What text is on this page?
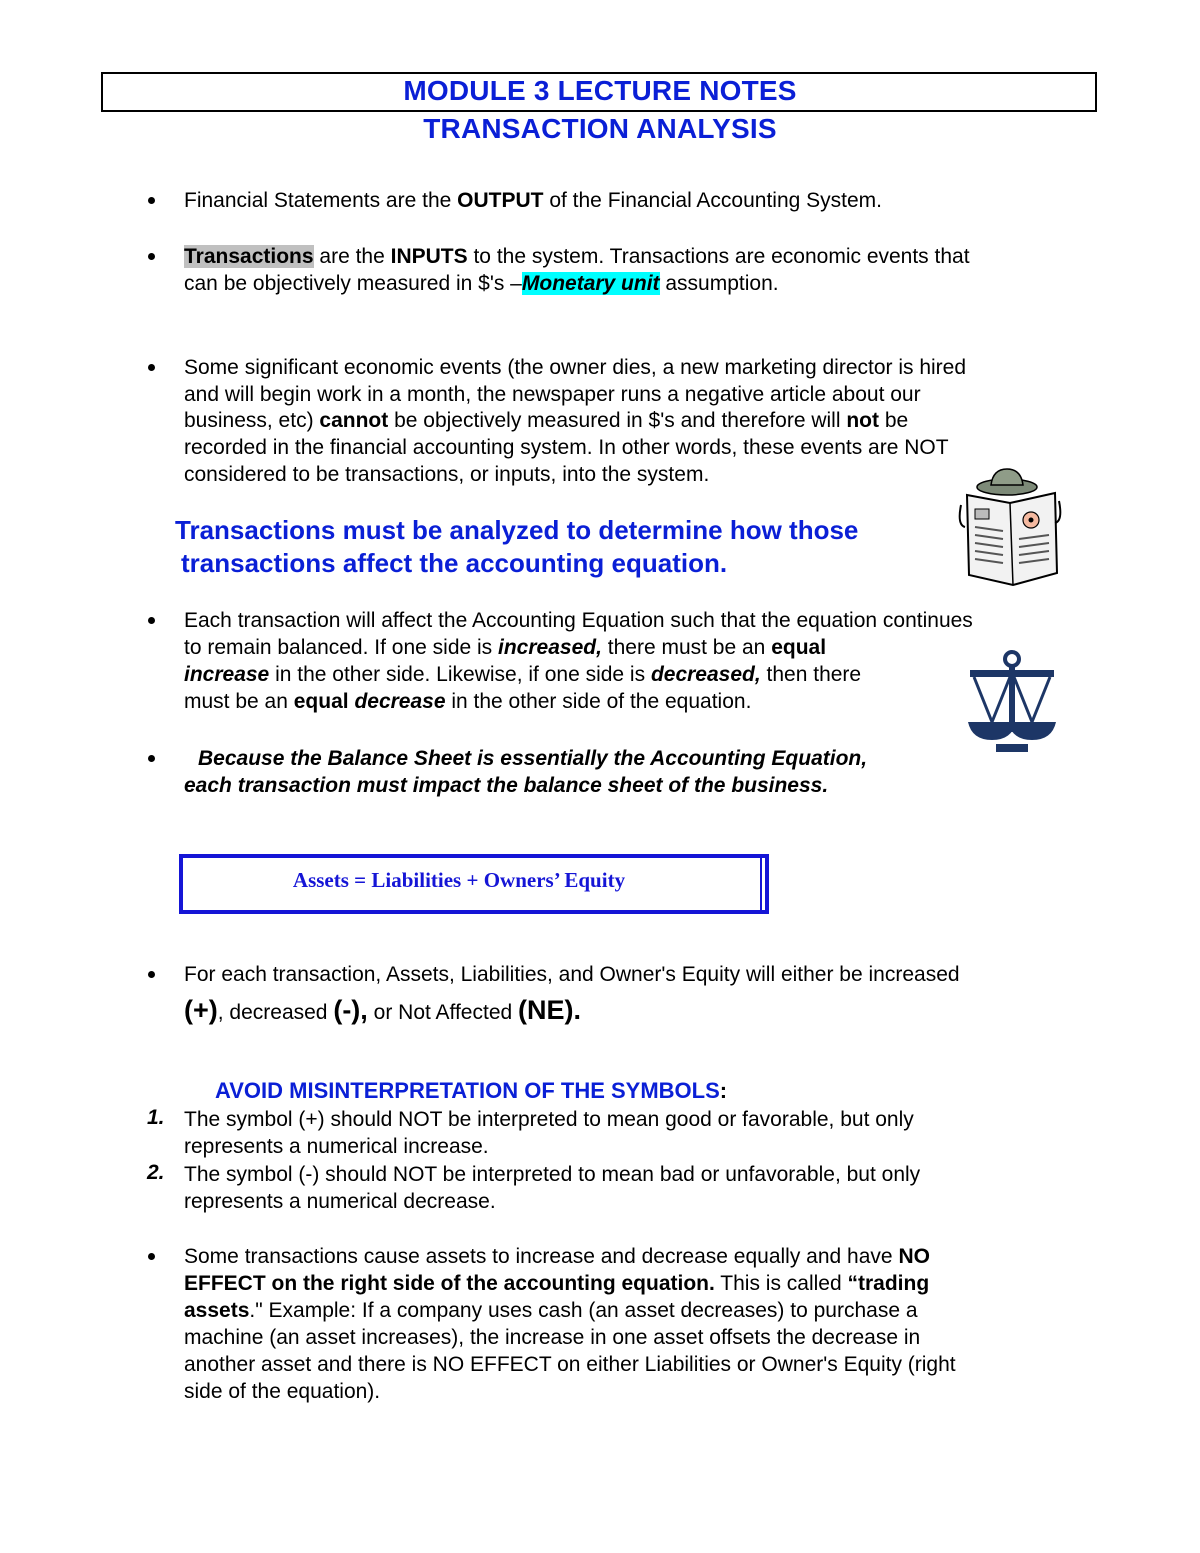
MODULE 3 LECTURE NOTES
TRANSACTION ANALYSIS
Financial Statements are the OUTPUT of the Financial Accounting System.
Transactions are the INPUTS to the system. Transactions are economic events that
can be objectively measured in $'s –Monetary unit assumption.
Some significant economic events (the owner dies, a new marketing director is hired
and will begin work in a month, the newspaper runs a negative article about our
business, etc) cannot be objectively measured in $'s and therefore will not be
recorded in the financial accounting system. In other words, these events are NOT
considered to be transactions, or inputs, into the system.
Transactions must be analyzed to determine how those
transactions affect the accounting equation.
Each transaction will affect the Accounting Equation such that the equation continues
to remain balanced. If one side is increased, there must be an equal
increase in the other side. Likewise, if one side is decreased, then there
must be an equal decrease in the other side of the equation.
Because the Balance Sheet is essentially the Accounting Equation,
each transaction must impact the balance sheet of the business.
Assets = Liabilities + Owners’ Equity
For each transaction, Assets, Liabilities, and Owner's Equity will either be increased
(+), decreased (-), or Not Affected (NE).
AVOID MISINTERPRETATION OF THE SYMBOLS:
1. The symbol (+) should NOT be interpreted to mean good or favorable, but only
represents a numerical increase.
2. The symbol (-) should NOT be interpreted to mean bad or unfavorable, but only
represents a numerical decrease.
Some transactions cause assets to increase and decrease equally and have NO
EFFECT on the right side of the accounting equation. This is called “trading
assets." Example: If a company uses cash (an asset decreases) to purchase a
machine (an asset increases), the increase in one asset offsets the decrease in
another asset and there is NO EFFECT on either Liabilities or Owner's Equity (right
side of the equation).
